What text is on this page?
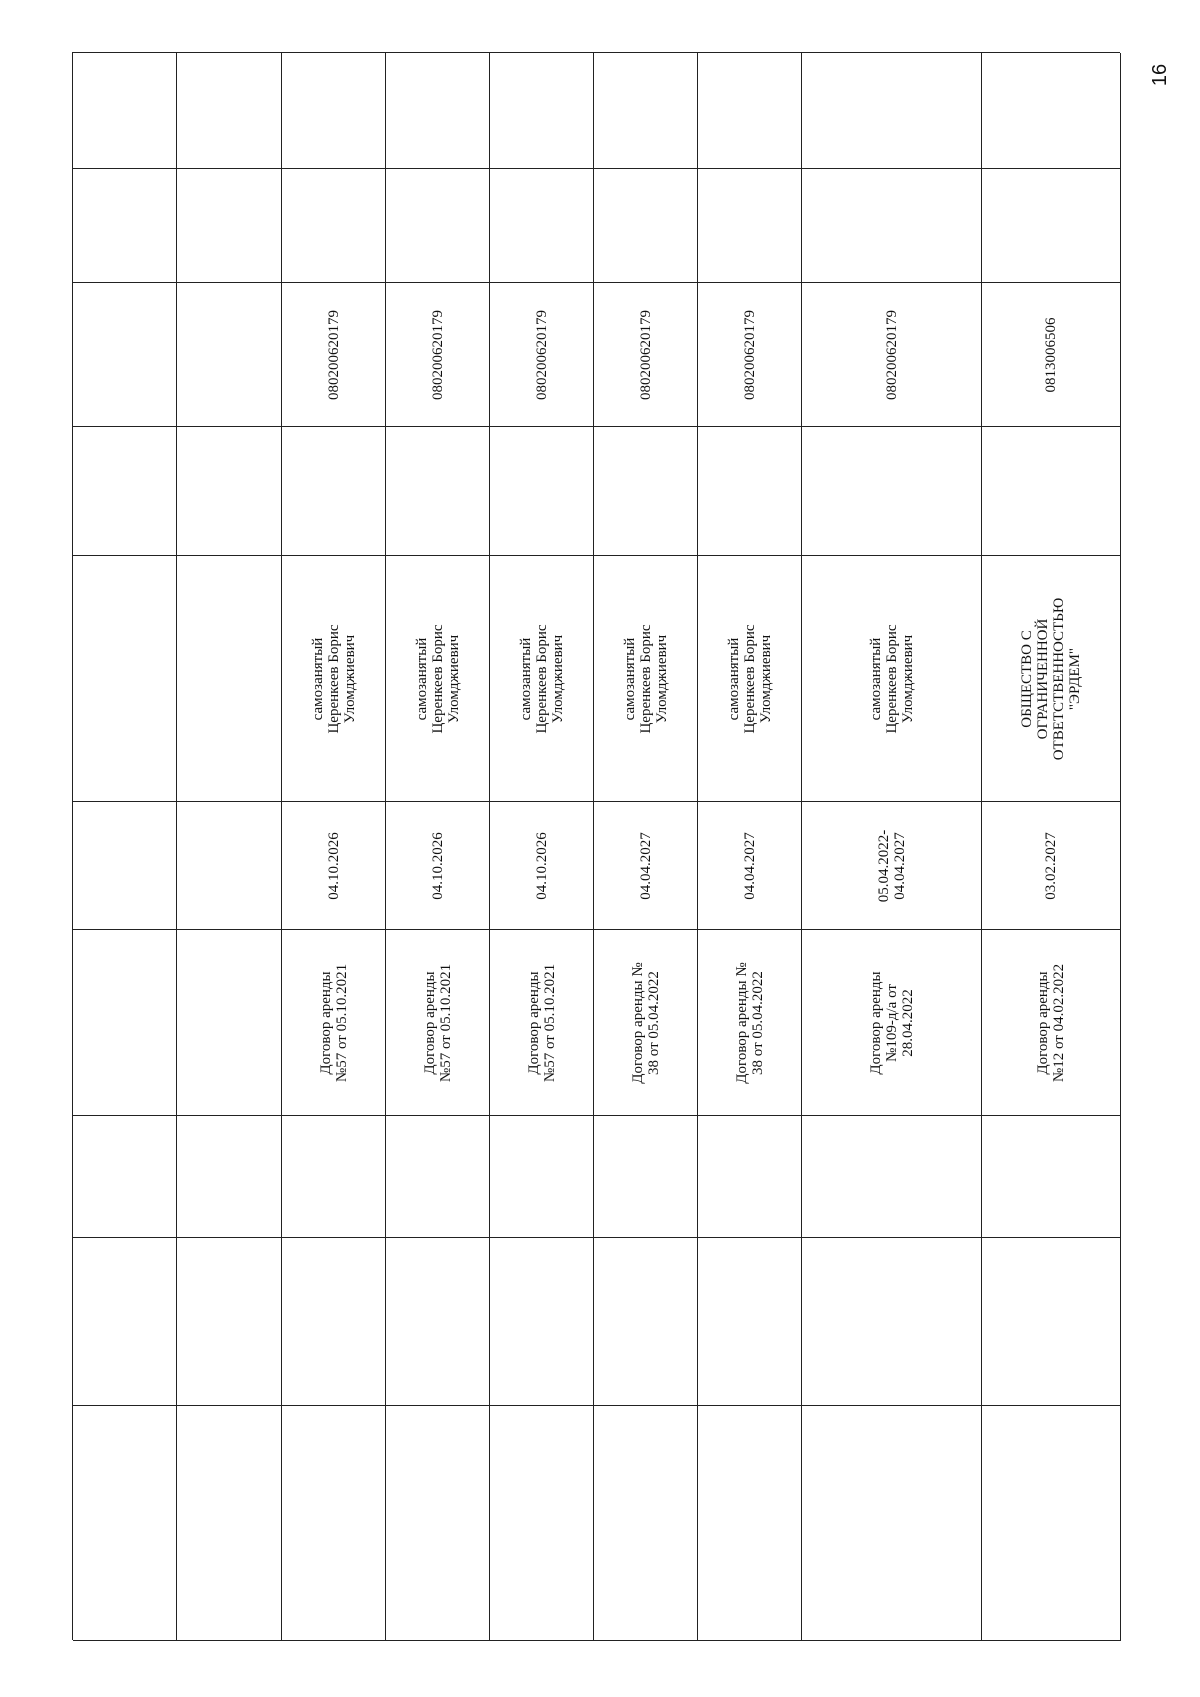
16
Договор аренды
№57 от 05.10.2021
04.10.2026
самозанятый
Церенкеев Борис
Уломджиевич
080200620179
Договор аренды
№57 от 05.10.2021
04.10.2026
самозанятый
Церенкеев Борис
Уломджиевич
080200620179
Договор аренды
№57 от 05.10.2021
04.10.2026
самозанятый
Церенкеев Борис
Уломджиевич
080200620179
Договор аренды №
38 от 05.04.2022
04.04.2027
самозанятый
Церенкеев Борис
Уломджиевич
080200620179
Договор аренды №
38 от 05.04.2022
04.04.2027
самозанятый
Церенкеев Борис
Уломджиевич
080200620179
Договор аренды
№109-д/а от
28.04.2022
05.04.2022-
04.04.2027
самозанятый
Церенкеев Борис
Уломджиевич
080200620179
Договор аренды
№12 от 04.02.2022
03.02.2027
ОБЩЕСТВО С
ОГРАНИЧЕННОЙ
ОТВЕТСТВЕННОСТЬЮ
"ЭРДЕМ"
0813006506
